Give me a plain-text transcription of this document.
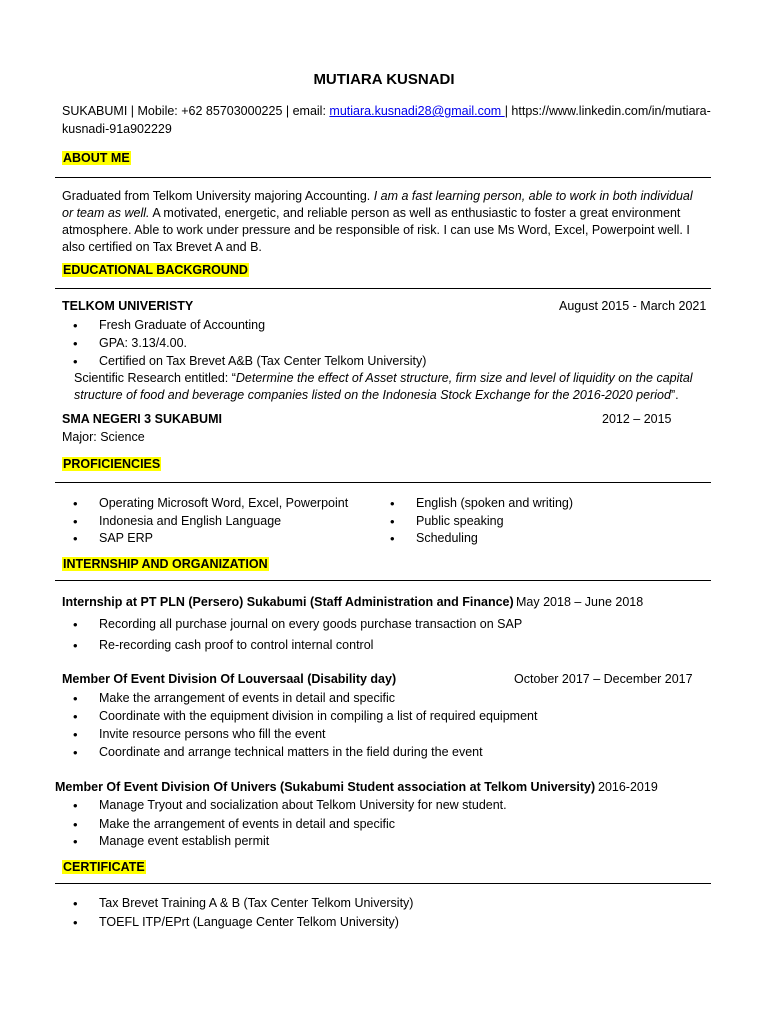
MUTIARA KUSNADI
SUKABUMI | Mobile: +62 85703000225 | email: mutiara.kusnadi28@gmail.com | https://www.linkedin.com/in/mutiara-
kusnadi-91a902229
ABOUT ME
Graduated from Telkom University majoring Accounting. I am a fast learning person, able to work in both individual
or team as well. A motivated, energetic, and reliable person as well as enthusiastic to foster a great environment
atmosphere. Able to work under pressure and be responsible of risk. I can use Ms Word, Excel, Powerpoint well. I
also certified on Tax Brevet A and B.
EDUCATIONAL BACKGROUND
TELKOM UNIVERISTY	August 2015 - March 2021
• Fresh Graduate of Accounting
• GPA: 3.13/4.00.
• Certified on Tax Brevet A&B (Tax Center Telkom University)
Scientific Research entitled: “Determine the effect of Asset structure, firm size and level of liquidity on the capital
structure of food and beverage companies listed on the Indonesia Stock Exchange for the 2016-2020 period”.
SMA NEGERI 3 SUKABUMI	2012 – 2015
Major: Science
PROFICIENCIES
• Operating Microsoft Word, Excel, Powerpoint
• Indonesia and English Language
• SAP ERP
• English (spoken and writing)
• Public speaking
• Scheduling
INTERNSHIP AND ORGANIZATION
Internship at PT PLN (Persero) Sukabumi (Staff Administration and Finance) May 2018 – June 2018
• Recording all purchase journal on every goods purchase transaction on SAP
• Re-recording cash proof to control internal control
Member Of Event Division Of Louversaal (Disability day)	October 2017 – December 2017
• Make the arrangement of events in detail and specific
• Coordinate with the equipment division in compiling a list of required equipment
• Invite resource persons who fill the event
• Coordinate and arrange technical matters in the field during the event
Member Of Event Division Of Univers (Sukabumi Student association at Telkom University) 2016-2019
• Manage Tryout and socialization about Telkom University for new student.
• Make the arrangement of events in detail and specific
• Manage event establish permit
CERTIFICATE
• Tax Brevet Training A & B (Tax Center Telkom University)
• TOEFL ITP/EPrt (Language Center Telkom University)
